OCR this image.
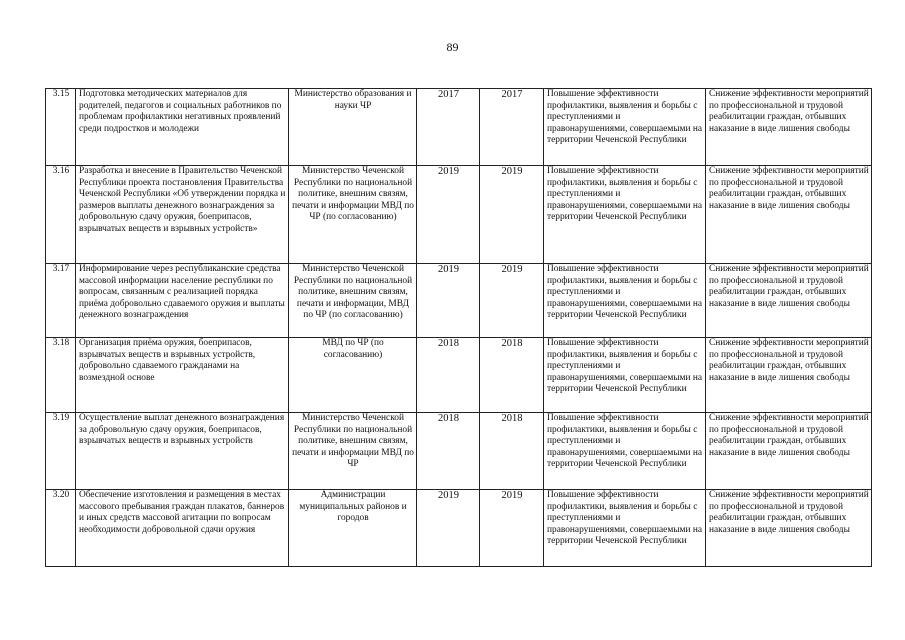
89
3.15	Подготовка методических материалов для родителей, педагогов и социальных работников по проблемам профилактики негативных проявлений среди подростков и молодежи	Министерство образования и науки ЧР	2017	2017	Повышение эффективности профилактики, выявления и борьбы с преступлениями и правонарушениями, совершаемыми на территории Чеченской Республики	Снижение эффективности мероприятий по профессиональной и трудовой реабилитации граждан, отбывших наказание в виде лишения свободы
3.16	Разработка и внесение в Правительство Чеченской Республики проекта постановления Правительства Чеченской Республики «Об утверждении порядка и размеров выплаты денежного вознаграждения за добровольную сдачу оружия, боеприпасов, взрывчатых веществ и взрывных устройств»	Министерство Чеченской Республики по национальной политике, внешним связям, печати и информации МВД по ЧР (по согласованию)	2019	2019	Повышение эффективности профилактики, выявления и борьбы с преступлениями и правонарушениями, совершаемыми на территории Чеченской Республики	Снижение эффективности мероприятий по профессиональной и трудовой реабилитации граждан, отбывших наказание в виде лишения свободы
3.17	Информирование через республиканские средства массовой информации население республики по вопросам, связанным с реализацией порядка приёма добровольно сдаваемого оружия и выплаты денежного вознаграждения	Министерство Чеченской Республики по национальной политике, внешним связям, печати и информации, МВД по ЧР (по согласованию)	2019	2019	Повышение эффективности профилактики, выявления и борьбы с преступлениями и правонарушениями, совершаемыми на территории Чеченской Республики	Снижение эффективности мероприятий по профессиональной и трудовой реабилитации граждан, отбывших наказание в виде лишения свободы
3.18	Организация приёма оружия, боеприпасов, взрывчатых веществ и взрывных устройств, добровольно сдаваемого гражданами на возмездной основе	МВД по ЧР (по согласованию)	2018	2018	Повышение эффективности профилактики, выявления и борьбы с преступлениями и правонарушениями, совершаемыми на территории Чеченской Республики	Снижение эффективности мероприятий по профессиональной и трудовой реабилитации граждан, отбывших наказание в виде лишения свободы
3.19	Осуществление выплат денежного вознаграждения за добровольную сдачу оружия, боеприпасов, взрывчатых веществ и взрывных устройств	Министерство Чеченской Республики по национальной политике, внешним связям, печати и информации МВД по ЧР	2018	2018	Повышение эффективности профилактики, выявления и борьбы с преступлениями и правонарушениями, совершаемыми на территории Чеченской Республики	Снижение эффективности мероприятий по профессиональной и трудовой реабилитации граждан, отбывших наказание в виде лишения свободы
3.20	Обеспечение изготовления и размещения в местах массового пребывания граждан плакатов, баннеров и иных средств массовой агитации по вопросам необходимости добровольной сдачи оружия	Администрации муниципальных районов и городов	2019	2019	Повышение эффективности профилактики, выявления и борьбы с преступлениями и правонарушениями, совершаемыми на территории Чеченской Республики	Снижение эффективности мероприятий по профессиональной и трудовой реабилитации граждан, отбывших наказание в виде лишения свободы
